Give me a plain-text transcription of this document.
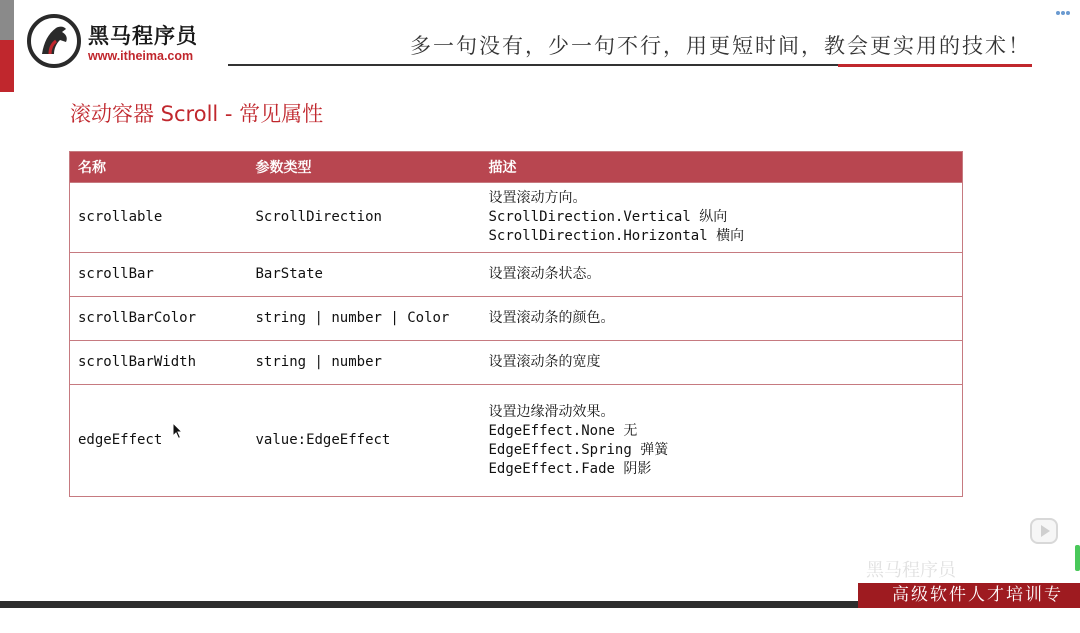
黑马程序员
www.itheima.com	多一句没有，少一句不行，用更短时间，教会更实用的技术！
滚动容器 Scroll - 常见属性
名称	参数类型	描述
scrollable	ScrollDirection	设置滚动方向。
ScrollDirection.Vertical 纵向
ScrollDirection.Horizontal 横向

scrollBar	BarState	设置滚动条状态。

scrollBarColor	string | number | Color	设置滚动条的颜色。

scrollBarWidth	string | number	设置滚动条的宽度

edgeEffect	value:EdgeEffect	设置边缘滑动效果。
EdgeEffect.None 无
EdgeEffect.Spring 弹簧
EdgeEffect.Fade 阴影
黑马程序员
高级软件人才培训专家
